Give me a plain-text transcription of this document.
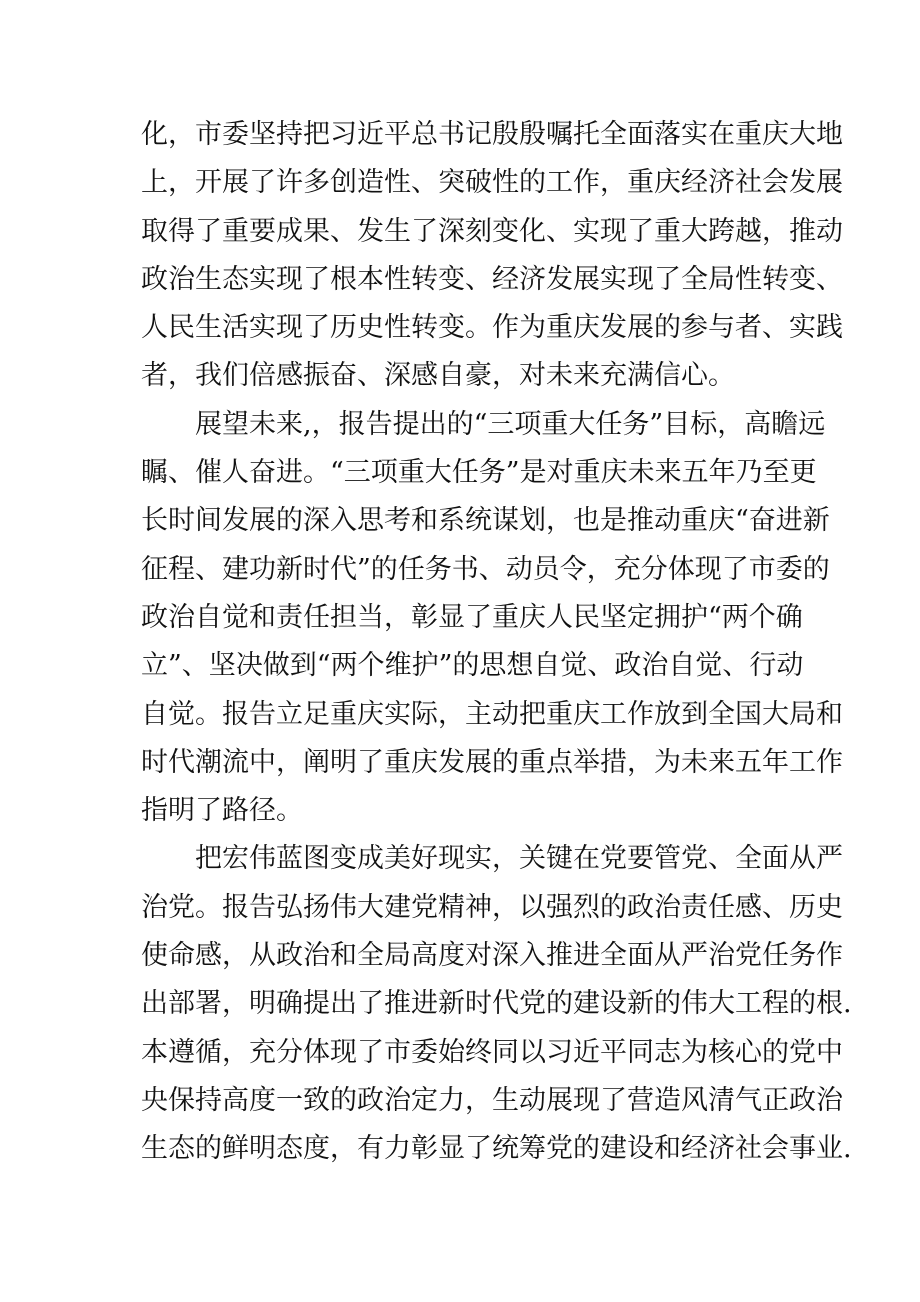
化，市委坚持把习近平总书记殷殷嘱托全面落实在重庆大地
上，开展了许多创造性、突破性的工作，重庆经济社会发展
取得了重要成果、发生了深刻变化、实现了重大跨越，推动
政治生态实现了根本性转变、经济发展实现了全局性转变、
人民生活实现了历史性转变。作为重庆发展的参与者、实践
者，我们倍感振奋、深感自豪，对未来充满信心。
展望未来,，报告提出的“三项重大任务”目标，高瞻远
瞩、催人奋进。“三项重大任务”是对重庆未来五年乃至更
长时间发展的深入思考和系统谋划，也是推动重庆“奋进新
征程、建功新时代”的任务书、动员令，充分体现了市委的
政治自觉和责任担当，彰显了重庆人民坚定拥护“两个确
立”、坚决做到“两个维护”的思想自觉、政治自觉、行动
自觉。报告立足重庆实际，主动把重庆工作放到全国大局和
时代潮流中，阐明了重庆发展的重点举措，为未来五年工作
指明了路径。
把宏伟蓝图变成美好现实，关键在党要管党、全面从严
治党。报告弘扬伟大建党精神，以强烈的政治责任感、历史
使命感，从政治和全局高度对深入推进全面从严治党任务作
出部署，明确提出了推进新时代党的建设新的伟大工程的根.
本遵循，充分体现了市委始终同以习近平同志为核心的党中
央保持高度一致的政治定力，生动展现了营造风清气正政治
生态的鲜明态度，有力彰显了统筹党的建设和经济社会事业.
